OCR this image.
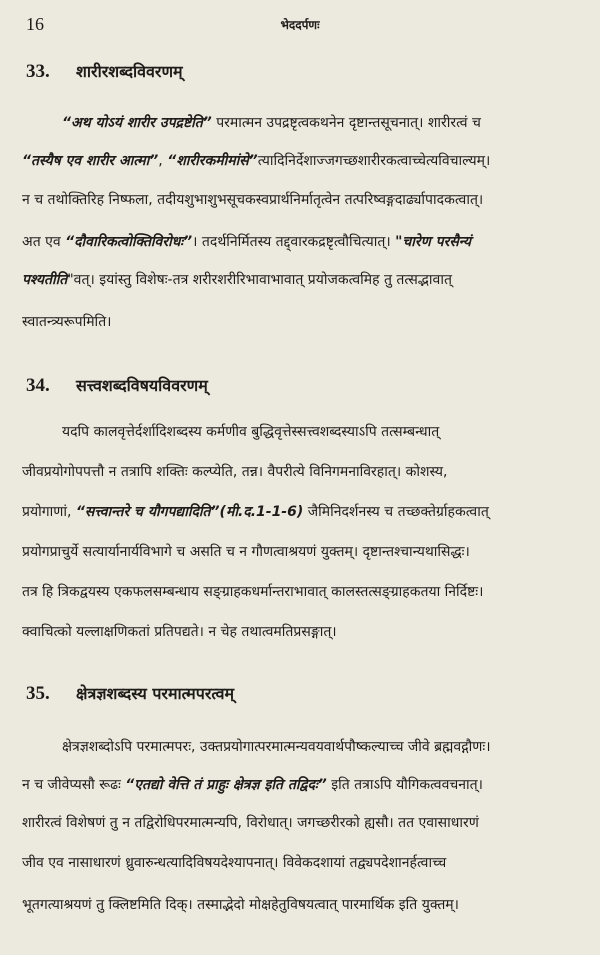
16	भेददर्पणः
33. शारीरशब्दविवरणम्
“अथ योऽयं शारीर उपद्रष्टेति” परमात्मन उपद्रष्टृत्वकथनेन दृष्टान्तसूचनात्। शारीरत्वं च
“तस्यैष एव शारीर आत्मा”, “शारीरकमीमांसे”त्यादिनिर्देशाज्जगच्छशारीरकत्वाच्चेत्यविचाल्यम्।
न च तथोक्तिरिह निष्फला, तदीयशुभाशुभसूचकस्वप्रार्थनिर्मातृत्वेन तत्परिष्वङ्गदार्ढ्यापादकत्वात्।
अत एव “दौवारिकत्वोक्तिविरोधः”। तदर्थनिर्मितस्य तद्द्वारकद्रष्टृत्वौचित्यात्। "चारेण परसैन्यं
पश्यतीति"वत्। इयांस्तु विशेषः-तत्र शरीरशरीरिभावाभावात् प्रयोजकत्वमिह तु तत्सद्भावात्
स्वातन्त्र्यरूपमिति।
34. सत्त्वशब्दविषयविवरणम्
यदपि कालवृत्तेर्दर्शादिशब्दस्य कर्मणीव बुद्धिवृत्तेस्सत्त्वशब्दस्याऽपि तत्सम्बन्धात्
जीवप्रयोगोपपत्तौ न तत्रापि शक्तिः कल्प्येति, तन्न। वैपरीत्ये विनिगमनाविरहात्। कोशस्य,
प्रयोगाणां, “सत्त्वान्तरे च यौगपद्यादिति”(मी.द.1-1-6) जैमिनिदर्शनस्य च तच्छक्तेर्ग्राहकत्वात्
प्रयोगप्राचुर्ये सत्यार्यानार्यविभागे च असति च न गौणत्वाश्रयणं युक्तम्। दृष्टान्तश्चान्यथासिद्धः।
तत्र हि त्रिकद्वयस्य एकफलसम्बन्धाय सङ्ग्राहकधर्मान्तराभावात् कालस्तत्सङ्ग्राहकतया निर्दिष्टः।
क्वाचित्को यल्लाक्षणिकतां प्रतिपद्यते। न चेह तथात्वमतिप्रसङ्गात्।
35. क्षेत्रज्ञशब्दस्य परमात्मपरत्वम्
क्षेत्रज्ञशब्दोऽपि परमात्मपरः, उक्तप्रयोगात्परमात्मन्यवयवार्थपौष्कल्याच्च जीवे ब्रह्मवद्गौणः।
न च जीवेप्यसौ रूढः “एतद्यो वेत्ति तं प्राहुः क्षेत्रज्ञ इति तद्विदः” इति तत्राऽपि यौगिकत्ववचनात्।
शारीरत्वं विशेषणं तु न तद्विरोधिपरमात्मन्यपि, विरोधात्। जगच्छरीरको ह्यसौ। तत एवासाधारणं
जीव एव नासाधारणं ध्रुवारुन्धत्यादिविषयदेश्यापनात्। विवेकदशायां तद्व्यपदेशानर्हत्वाच्च
भूतगत्याश्रयणं तु क्लिष्टमिति दिक्। तस्माद्भेदो मोक्षहेतुविषयत्वात् पारमार्थिक इति युक्तम्।
